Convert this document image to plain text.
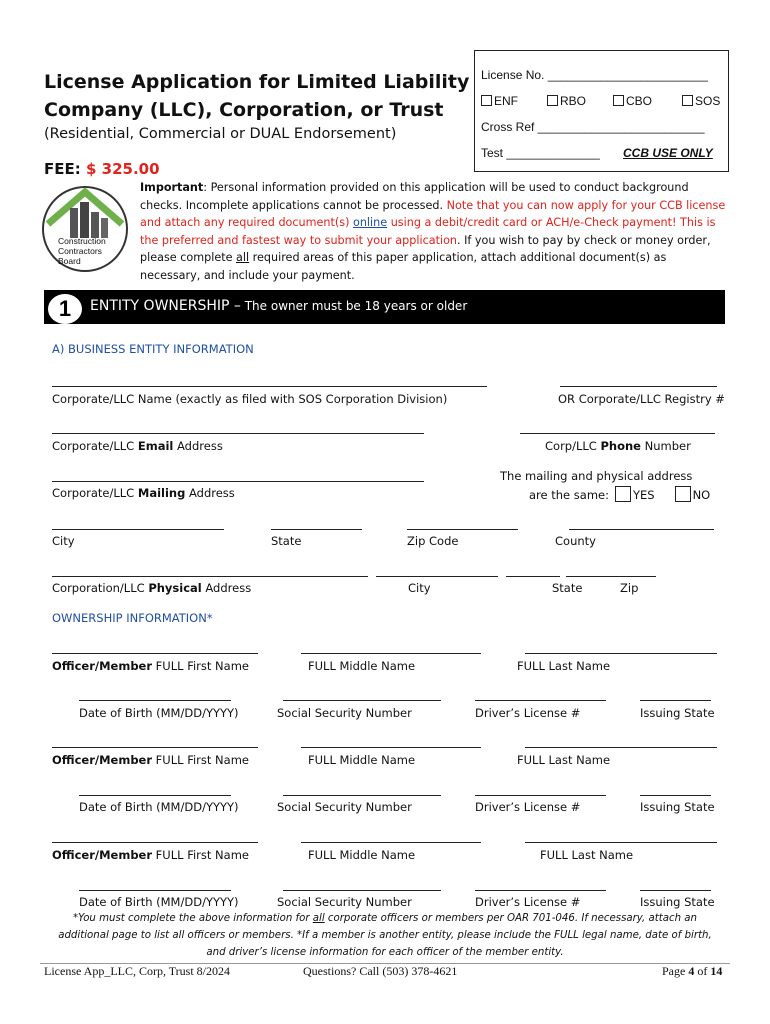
License Application for Limited Liability
Company (LLC), Corporation, or Trust
(Residential, Commercial or DUAL Endorsement)
FEE: $ 325.00
License No. ________________________
ENF	RBO	CBO	SOS
Cross Ref _________________________
Test ______________ CCB USE ONLY
Construction
Contractors
Board
Important: Personal information provided on this application will be used to conduct background checks. Incomplete applications cannot be processed. Note that you can now apply for your CCB license and attach any required document(s) online using a debit/credit card or ACH/e-Check payment! This is the preferred and fastest way to submit your application. If you wish to pay by check or money order, please complete all required areas of this paper application, attach additional document(s) as necessary, and include your payment.
1	ENTITY OWNERSHIP – The owner must be 18 years or older
A) BUSINESS ENTITY INFORMATION
Corporate/LLC Name (exactly as filed with SOS Corporation Division)	OR Corporate/LLC Registry #
Corporate/LLC Email Address	Corp/LLC Phone Number
Corporate/LLC Mailing Address
The mailing and physical address
are the same: YES	NO
City	State	Zip Code	County
Corporation/LLC Physical Address	City	State	Zip
OWNERSHIP INFORMATION*
Officer/Member FULL First Name	FULL Middle Name	FULL Last Name
Date of Birth (MM/DD/YYYY)	Social Security Number	Driver’s License #	Issuing State
Officer/Member FULL First Name	FULL Middle Name	FULL Last Name
Date of Birth (MM/DD/YYYY)	Social Security Number	Driver’s License #	Issuing State
Officer/Member FULL First Name	FULL Middle Name	FULL Last Name
Date of Birth (MM/DD/YYYY)	Social Security Number	Driver’s License #	Issuing State
*You must complete the above information for all corporate officers or members per OAR 701-046. If necessary, attach an
additional page to list all officers or members. *If a member is another entity, please include the FULL legal name, date of birth,
and driver’s license information for each officer of the member entity.
License App_LLC, Corp, Trust 8/2024	Questions? Call (503) 378-4621	Page 4 of 14
